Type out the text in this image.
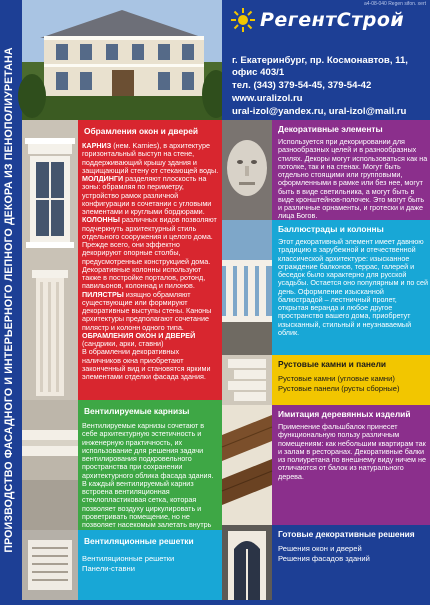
ПРОИЗВОДСТВО ФАСАДНОГО И ИНТЕРЬЕРНОГО ЛЕПНОГО ДЕКОРА ИЗ ПЕНОПОЛИУРЕТАНА
a4-08-040 Regen sifon. xert
РегентСтрой
г. Екатеринбург, пр. Космонавтов, 11,
офис 403/1
тел. (343) 379-54-45, 379-54-42
www.uralizol.ru
ural-izol@yandex.ru, ural-izol@mail.ru
Обрамления окон и дверей
КАРНИЗ (нем. Karnies), в архитектуре горизонтальный выступ на стене, поддерживающий крышу здания и защищающий стену от стекающей воды.
МОЛДИНГИ разделяют плоскость на зоны: обрамляя по периметру, устройство рамок различной конфигурации в сочетании с угловыми элементами и круглыми бордюрами. КОЛОННЫ различных видов позволяют подчеркнуть архитектурный стиль отдельного сооружения и целого дома. Прежде всего, они эффектно декорируют опорные столбы, предусмотренные конструкцией дома. Декоративные колонны используют также в постройке порталов, ротонд, павильонов, колоннад и пилонов. ПИЛЯСТРЫ изящно обрамляют существующие или формируют декоративные выступы стены. Каноны архитектуры предполагают сочетание пилястр и колонн одного типа.
ОБРАМЛЕНИЯ ОКОН И ДВЕРЕЙ
(сандрики, арки, ставни)
В обрамлении декоративных наличников окна приобретают законченный вид и становятся яркими элементами отделки фасада здания.
Вентилируемые карнизы
Вентилируемые карнизы сочетают в себе архитектурную эстетичность и инженерную практичность, их использование для решения задачи вентилирования подкровельного пространства при сохранении архитектурного облика фасада здания. В каждый вентилируемый карниз встроена вентиляционная стеклопластиковая сетка, которая позволяет воздуху циркулировать и проветривать помещение, но не позволяет насекомым залетать внутрь
Вентиляционные решетки
Вентиляционные решетки
Панели-ставни
Декоративные элементы
Используется при декорировании для разнообразных целей и в разнообразных стилях. Декоры могут использоваться как на потолке, так и на стенах. Могут быть отдельно стоящими или групповыми, оформленными в рамке или без нее, могут быть в виде светильника, а могут быть в виде кронштейнов-полочек. Это могут быть и различные орнаменты, и гротески и даже лица Богов.
Баллюстрады и колонны
Этот декоративный элемент имеет давнюю традицию в зарубежной и отечественной классической архитектуре: изысканное ограждение балконов, террас, галерей и беседок было характерно для русской усадьбы. Остается оно популярным и по сей день. Оформление изысканной балюстрадой – лестничный пролет, открытая веранда и любое другое пространство вашего дома, приобретут изысканный, стильный и неузнаваемый облик.
Рустовые камни и панели
Рустовые камни (угловые камни)
Рустовые панели (русты сборные)
Имитация деревянных изделий
Применение фальшбалок принесет функциональную пользу различным помещениям: как небольшим квартирам так и залам в ресторанах. Декоративные балки из полиуретана по внешнему виду ничем не отличаются от балок из натурального дерева.
Готовые декоративные решения
Решения окон и дверей
Решения фасадов зданий
